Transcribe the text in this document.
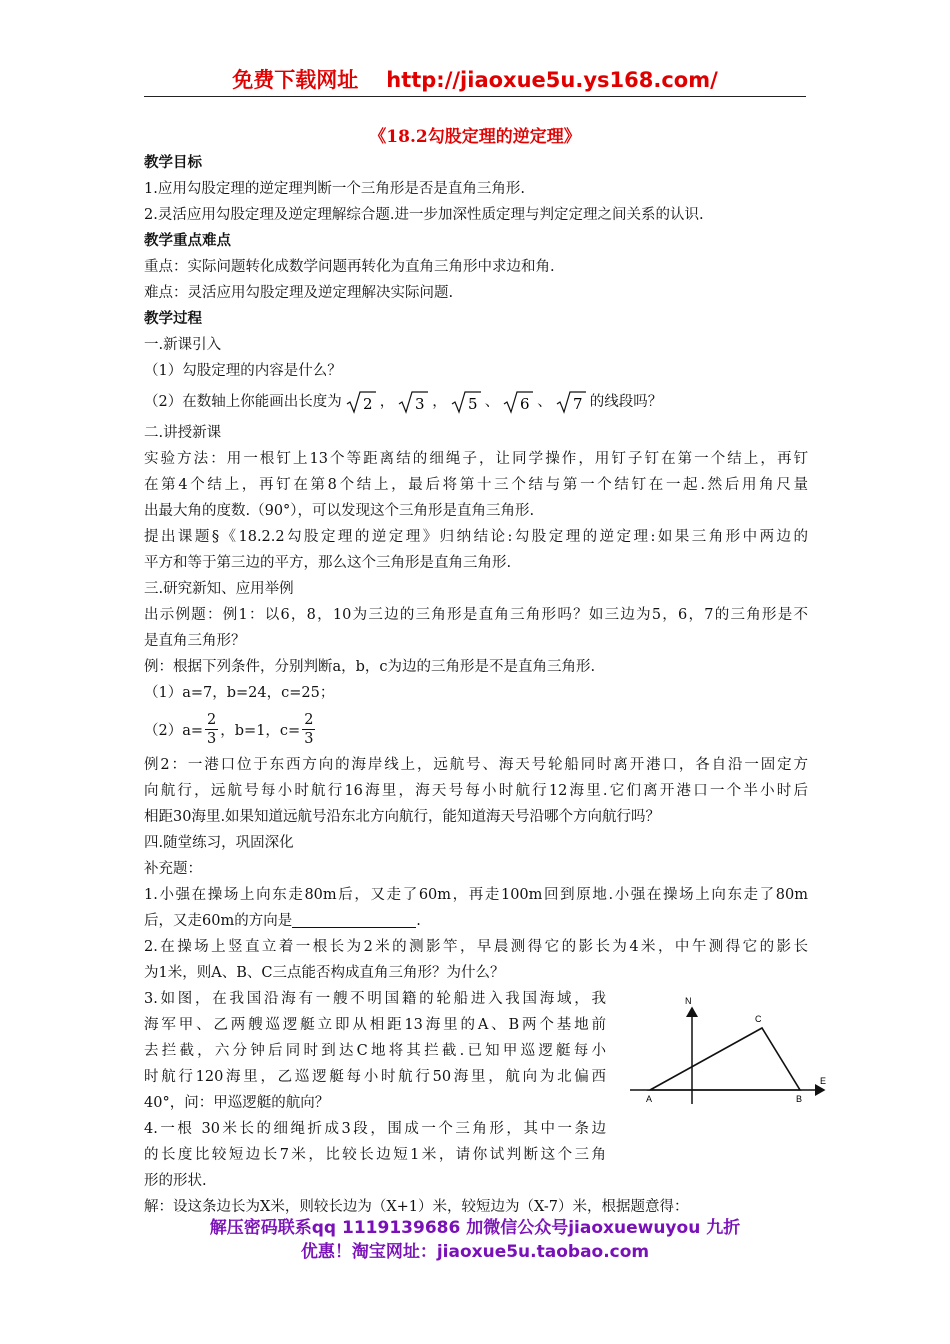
免费下载网址 http://jiaoxue5u.ys168.com/
《18.2勾股定理的逆定理》
教学目标
1.应用勾股定理的逆定理判断一个三角形是否是直角三角形.
2.灵活应用勾股定理及逆定理解综合题.进一步加深性质定理与判定定理之间关系的认识.
教学重点难点
重点：实际问题转化成数学问题再转化为直角三角形中求边和角.
难点：灵活应用勾股定理及逆定理解决实际问题.
教学过程
一.新课引入
（1）勾股定理的内容是什么？
（2）在数轴上你能画出长度为 2 ， 3 ， 5 、 6 、 7 的线段吗？
二.讲授新课
实验方法：用一根钉上13个等距离结的细绳子，让同学操作，用钉子钉在第一个结上，再钉
在第4个结上，再钉在第8个结上，最后将第十三个结与第一个结钉在一起.然后用角尺量
出最大角的度数.（90°），可以发现这个三角形是直角三角形.
提出课题§《18.2.2勾股定理的逆定理》归纳结论:勾股定理的逆定理:如果三角形中两边的
平方和等于第三边的平方，那么这个三角形是直角三角形.
三.研究新知、应用举例
出示例题：例1：以6，8，10为三边的三角形是直角三角形吗？如三边为5，6，7的三角形是不
是直角三角形？
例：根据下列条件，分别判断a，b，c为边的三角形是不是直角三角形.
（1）a=7，b=24，c=25；
$(2)a= \frac{2}{3}$ ，b=1，$c= \frac{2}{3}$
例2：一港口位于东西方向的海岸线上，远航号、海天号轮船同时离开港口，各自沿一固定方
向航行，远航号每小时航行16海里，海天号每小时航行12海里.它们离开港口一个半小时后
相距30海里.如果知道远航号沿东北方向航行，能知道海天号沿哪个方向航行吗？
四.随堂练习，巩固深化
补充题：
1.小强在操场上向东走80m后，又走了60m，再走100m回到原地.小强在操场上向东走了80m
后，又走60m的方向是	.
2.在操场上竖直立着一根长为2米的测影竿，早晨测得它的影长为4米，中午测得它的影长
为1米，则A、B、C三点能否构成直角三角形？为什么？
3.如图，在我国沿海有一艘不明国籍的轮船进入我国海域，我
海军甲、乙两艘巡逻艇立即从相距13海里的A、B两个基地前
去拦截，六分钟后同时到达C地将其拦截.已知甲巡逻艇每小
时航行120海里，乙巡逻艇每小时航行50海里，航向为北偏西
40°，问：甲巡逻艇的航向？
4.一根 30米长的细绳折成3段，围成一个三角形，其中一条边
的长度比较短边长7米，比较长边短1米，请你试判断这个三角
形的形状.
解：设这条边长为X米，则较长边为（X+1）米，较短边为（X-7）米，根据题意得：
N
E
A	B
C
解压密码联系qq 1119139686 加微信公众号jiaoxuewuyou 九折
优惠！淘宝网址：jiaoxue5u.taobao.com
